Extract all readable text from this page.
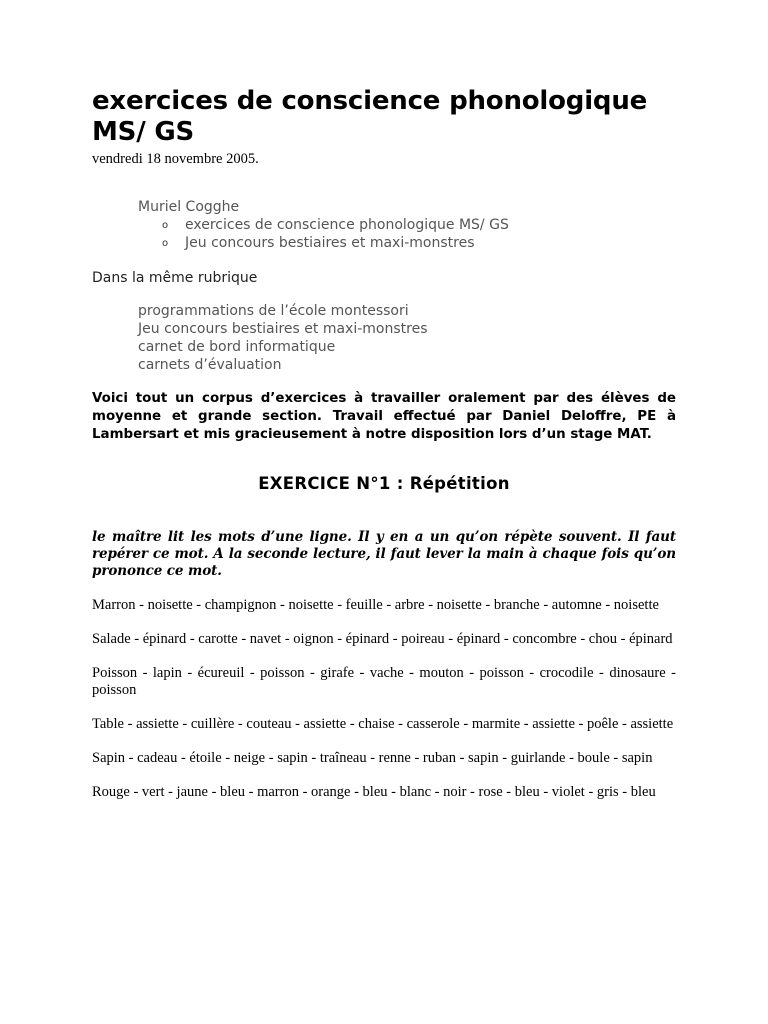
exercices de conscience phonologique MS/ GS
vendredi 18 novembre 2005.
Muriel Cogghe
o exercices de conscience phonologique MS/ GS
o Jeu concours bestiaires et maxi-monstres
Dans la même rubrique
programmations de l’école montessori
Jeu concours bestiaires et maxi-monstres
carnet de bord informatique
carnets d’évaluation
Voici tout un corpus d’exercices à travailler oralement par des élèves de moyenne et grande section. Travail effectué par Daniel Deloffre, PE à Lambersart et mis gracieusement à notre disposition lors d’un stage MAT.
EXERCICE N°1 : Répétition
le maître lit les mots d’une ligne. Il y en a un qu’on répète souvent. Il faut repérer ce mot. A la seconde lecture, il faut lever la main à chaque fois qu’on prononce ce mot.
Marron - noisette - champignon - noisette - feuille - arbre - noisette - branche - automne - noisette
Salade - épinard - carotte - navet - oignon - épinard - poireau - épinard - concombre - chou - épinard
Poisson - lapin - écureuil - poisson - girafe - vache - mouton - poisson - crocodile - dinosaure - poisson
Table - assiette - cuillère - couteau - assiette - chaise - casserole - marmite - assiette - poêle - assiette
Sapin - cadeau - étoile - neige - sapin - traîneau - renne - ruban - sapin - guirlande - boule - sapin
Rouge - vert - jaune - bleu - marron - orange - bleu - blanc - noir - rose - bleu - violet - gris - bleu
